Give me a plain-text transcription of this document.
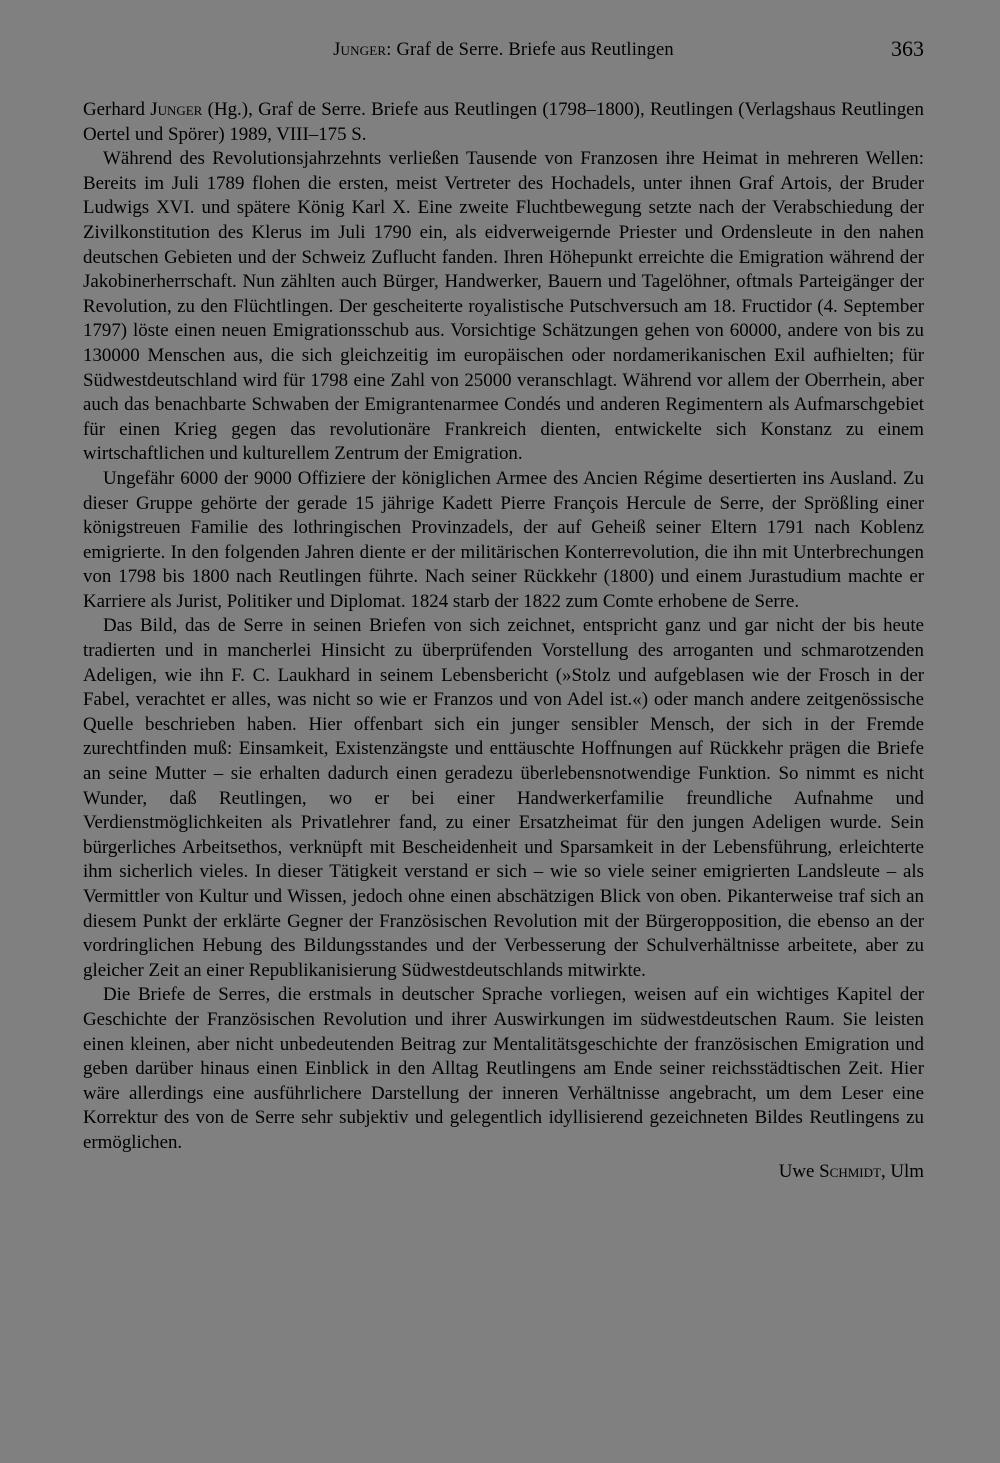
Junger: Graf de Serre. Briefe aus Reutlingen	363

Gerhard Junger (Hg.), Graf de Serre. Briefe aus Reutlingen (1798–1800), Reutlingen (Verlagshaus Reutlingen Oertel und Spörer) 1989, VIII–175 S.

Während des Revolutionsjahrzehnts verließen Tausende von Franzosen ihre Heimat in mehreren Wellen: Bereits im Juli 1789 flohen die ersten, meist Vertreter des Hochadels, unter ihnen Graf Artois, der Bruder Ludwigs XVI. und spätere König Karl X. Eine zweite Fluchtbewegung setzte nach der Verabschiedung der Zivilkonstitution des Klerus im Juli 1790 ein, als eidverweigernde Priester und Ordensleute in den nahen deutschen Gebieten und der Schweiz Zuflucht fanden. Ihren Höhepunkt erreichte die Emigration während der Jakobinerherrschaft. Nun zählten auch Bürger, Handwerker, Bauern und Tagelöhner, oftmals Parteigänger der Revolution, zu den Flüchtlingen. Der gescheiterte royalistische Putschversuch am 18. Fructidor (4. September 1797) löste einen neuen Emigrationsschub aus. Vorsichtige Schätzungen gehen von 60000, andere von bis zu 130000 Menschen aus, die sich gleichzeitig im europäischen oder nordamerikanischen Exil aufhielten; für Südwestdeutschland wird für 1798 eine Zahl von 25000 veranschlagt. Während vor allem der Oberrhein, aber auch das benachbarte Schwaben der Emigrantenarmee Condés und anderen Regimentern als Aufmarschgebiet für einen Krieg gegen das revolutionäre Frankreich dienten, entwickelte sich Konstanz zu einem wirtschaftlichen und kulturellem Zentrum der Emigration.

Ungefähr 6000 der 9000 Offiziere der königlichen Armee des Ancien Régime desertierten ins Ausland. Zu dieser Gruppe gehörte der gerade 15 jährige Kadett Pierre François Hercule de Serre, der Sprößling einer königstreuen Familie des lothringischen Provinzadels, der auf Geheiß seiner Eltern 1791 nach Koblenz emigrierte. In den folgenden Jahren diente er der militärischen Konterrevolution, die ihn mit Unterbrechungen von 1798 bis 1800 nach Reutlingen führte. Nach seiner Rückkehr (1800) und einem Jurastudium machte er Karriere als Jurist, Politiker und Diplomat. 1824 starb der 1822 zum Comte erhobene de Serre.

Das Bild, das de Serre in seinen Briefen von sich zeichnet, entspricht ganz und gar nicht der bis heute tradierten und in mancherlei Hinsicht zu überprüfenden Vorstellung des arroganten und schmarotzenden Adeligen, wie ihn F. C. Laukhard in seinem Lebensbericht (»Stolz und aufgeblasen wie der Frosch in der Fabel, verachtet er alles, was nicht so wie er Franzos und von Adel ist.«) oder manch andere zeitgenössische Quelle beschrieben haben. Hier offenbart sich ein junger sensibler Mensch, der sich in der Fremde zurechtfinden muß: Einsamkeit, Existenzängste und enttäuschte Hoffnungen auf Rückkehr prägen die Briefe an seine Mutter – sie erhalten dadurch einen geradezu überlebensnotwendige Funktion. So nimmt es nicht Wunder, daß Reutlingen, wo er bei einer Handwerkerfamilie freundliche Aufnahme und Verdienstmöglichkeiten als Privatlehrer fand, zu einer Ersatzheimat für den jungen Adeligen wurde. Sein bürgerliches Arbeitsethos, verknüpft mit Bescheidenheit und Sparsamkeit in der Lebensführung, erleichterte ihm sicherlich vieles. In dieser Tätigkeit verstand er sich – wie so viele seiner emigrierten Landsleute – als Vermittler von Kultur und Wissen, jedoch ohne einen abschätzigen Blick von oben. Pikanterweise traf sich an diesem Punkt der erklärte Gegner der Französischen Revolution mit der Bürgeropposition, die ebenso an der vordringlichen Hebung des Bildungsstandes und der Verbesserung der Schulverhältnisse arbeitete, aber zu gleicher Zeit an einer Republikanisierung Südwestdeutschlands mitwirkte.

Die Briefe de Serres, die erstmals in deutscher Sprache vorliegen, weisen auf ein wichtiges Kapitel der Geschichte der Französischen Revolution und ihrer Auswirkungen im südwestdeutschen Raum. Sie leisten einen kleinen, aber nicht unbedeutenden Beitrag zur Mentalitätsgeschichte der französischen Emigration und geben darüber hinaus einen Einblick in den Alltag Reutlingens am Ende seiner reichsstädtischen Zeit. Hier wäre allerdings eine ausführlichere Darstellung der inneren Verhältnisse angebracht, um dem Leser eine Korrektur des von de Serre sehr subjektiv und gelegentlich idyllisierend gezeichneten Bildes Reutlingens zu ermöglichen.

Uwe Schmidt, Ulm
